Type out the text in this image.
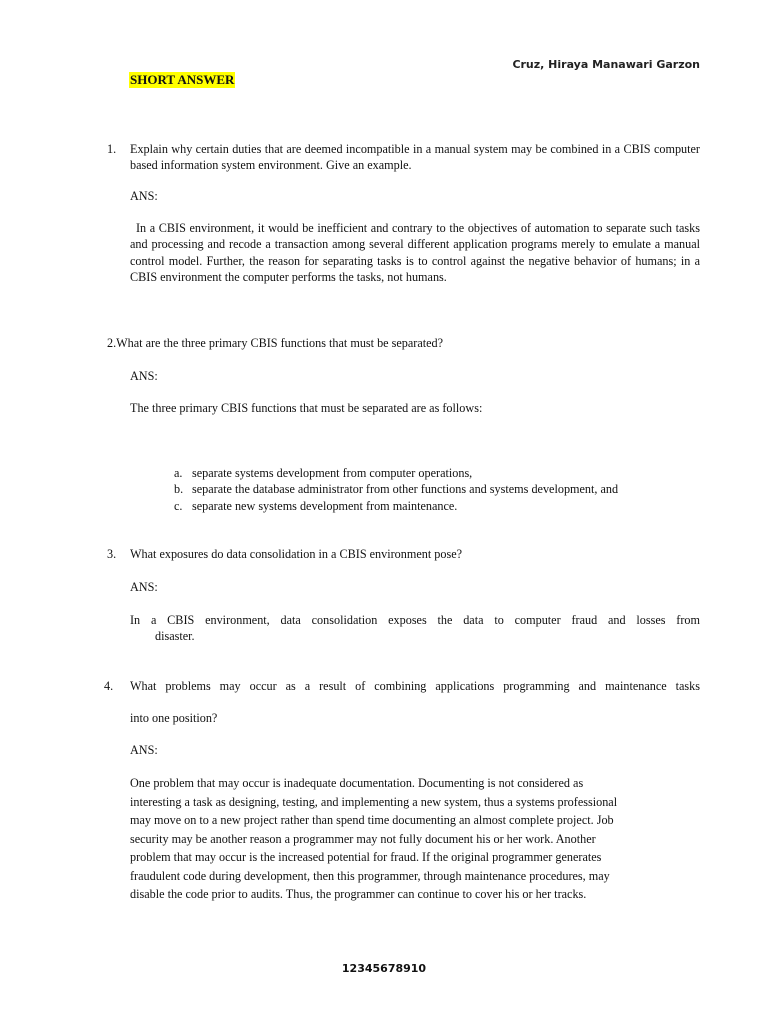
Cruz, Hiraya Manawari Garzon
SHORT ANSWER
1. Explain why certain duties that are deemed incompatible in a manual system may be combined in a CBIS computer based information system environment. Give an example.
ANS:
In a CBIS environment, it would be inefficient and contrary to the objectives of automation to separate such tasks and processing and recode a transaction among several different application programs merely to emulate a manual control model. Further, the reason for separating tasks is to control against the negative behavior of humans; in a CBIS environment the computer performs the tasks, not humans.
2.What are the three primary CBIS functions that must be separated?
ANS:
The three primary CBIS functions that must be separated are as follows:
a. separate systems development from computer operations,
b. separate the database administrator from other functions and systems development, and
c. separate new systems development from maintenance.
3. What exposures do data consolidation in a CBIS environment pose?
ANS:
In a CBIS environment, data consolidation exposes the data to computer fraud and losses from
disaster.
4. What problems may occur as a result of combining applications programming and maintenance tasks
into one position?
ANS:
One problem that may occur is inadequate documentation. Documenting is not considered as
interesting a task as designing, testing, and implementing a new system, thus a systems professional
may move on to a new project rather than spend time documenting an almost complete project. Job
security may be another reason a programmer may not fully document his or her work. Another
problem that may occur is the increased potential for fraud. If the original programmer generates
fraudulent code during development, then this programmer, through maintenance procedures, may
disable the code prior to audits. Thus, the programmer can continue to cover his or her tracks.
12345678910
